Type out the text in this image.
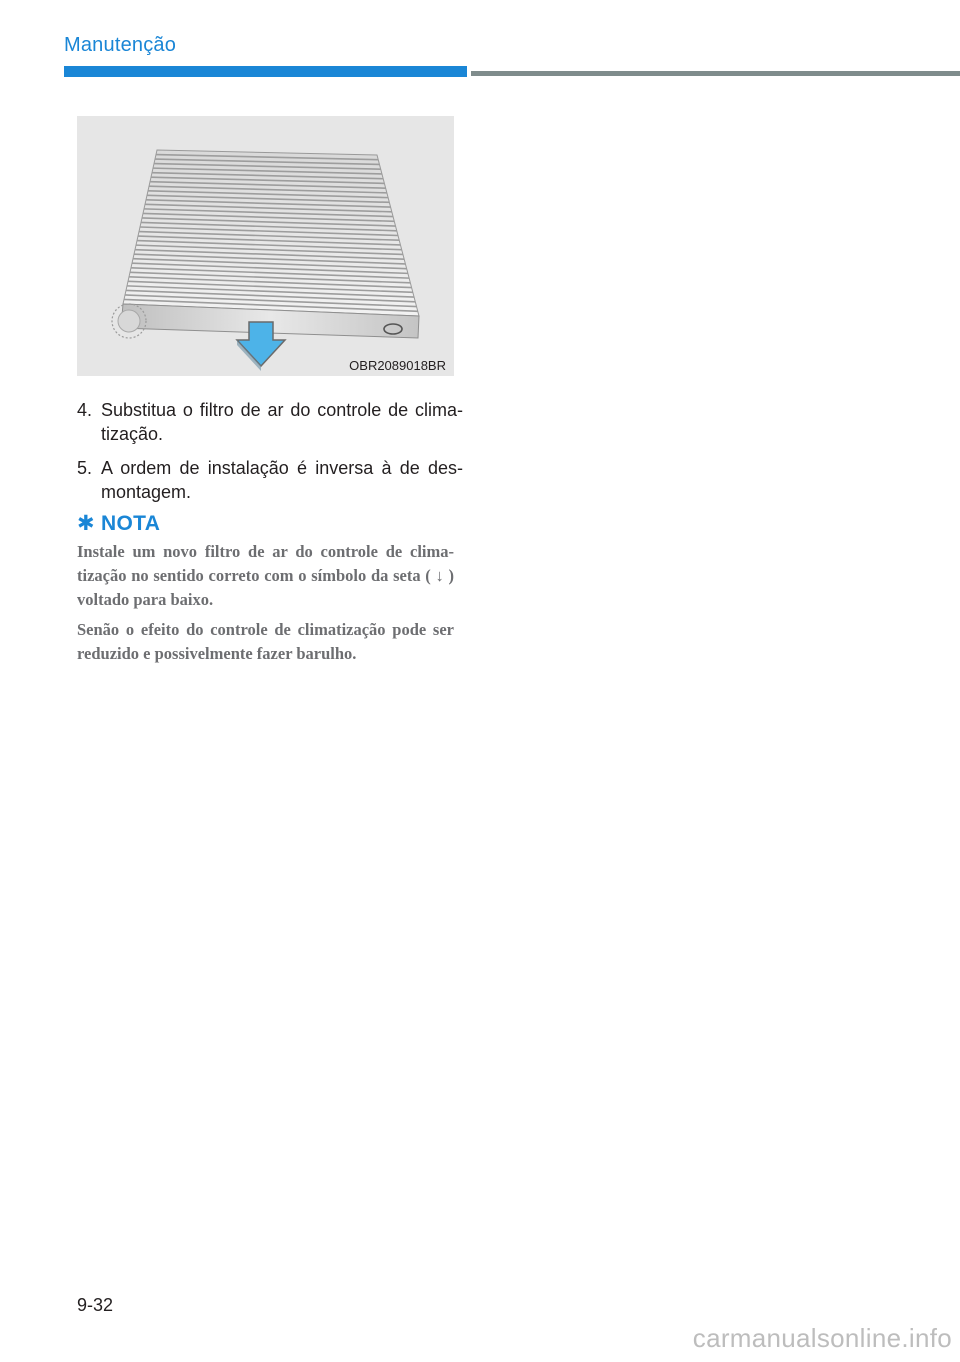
Manutenção
OBR2089018BR
4. Substitua o filtro de ar do controle de clima-tização.
5. A ordem de instalação é inversa à de des-montagem.
✱ NOTA

Instale um novo filtro de ar do controle de clima-tização no sentido correto com o símbolo da seta ( ↓ ) voltado para baixo.

Senão o efeito do controle de climatização pode ser reduzido e possivelmente fazer barulho.

9-32
carmanualsonline.info
